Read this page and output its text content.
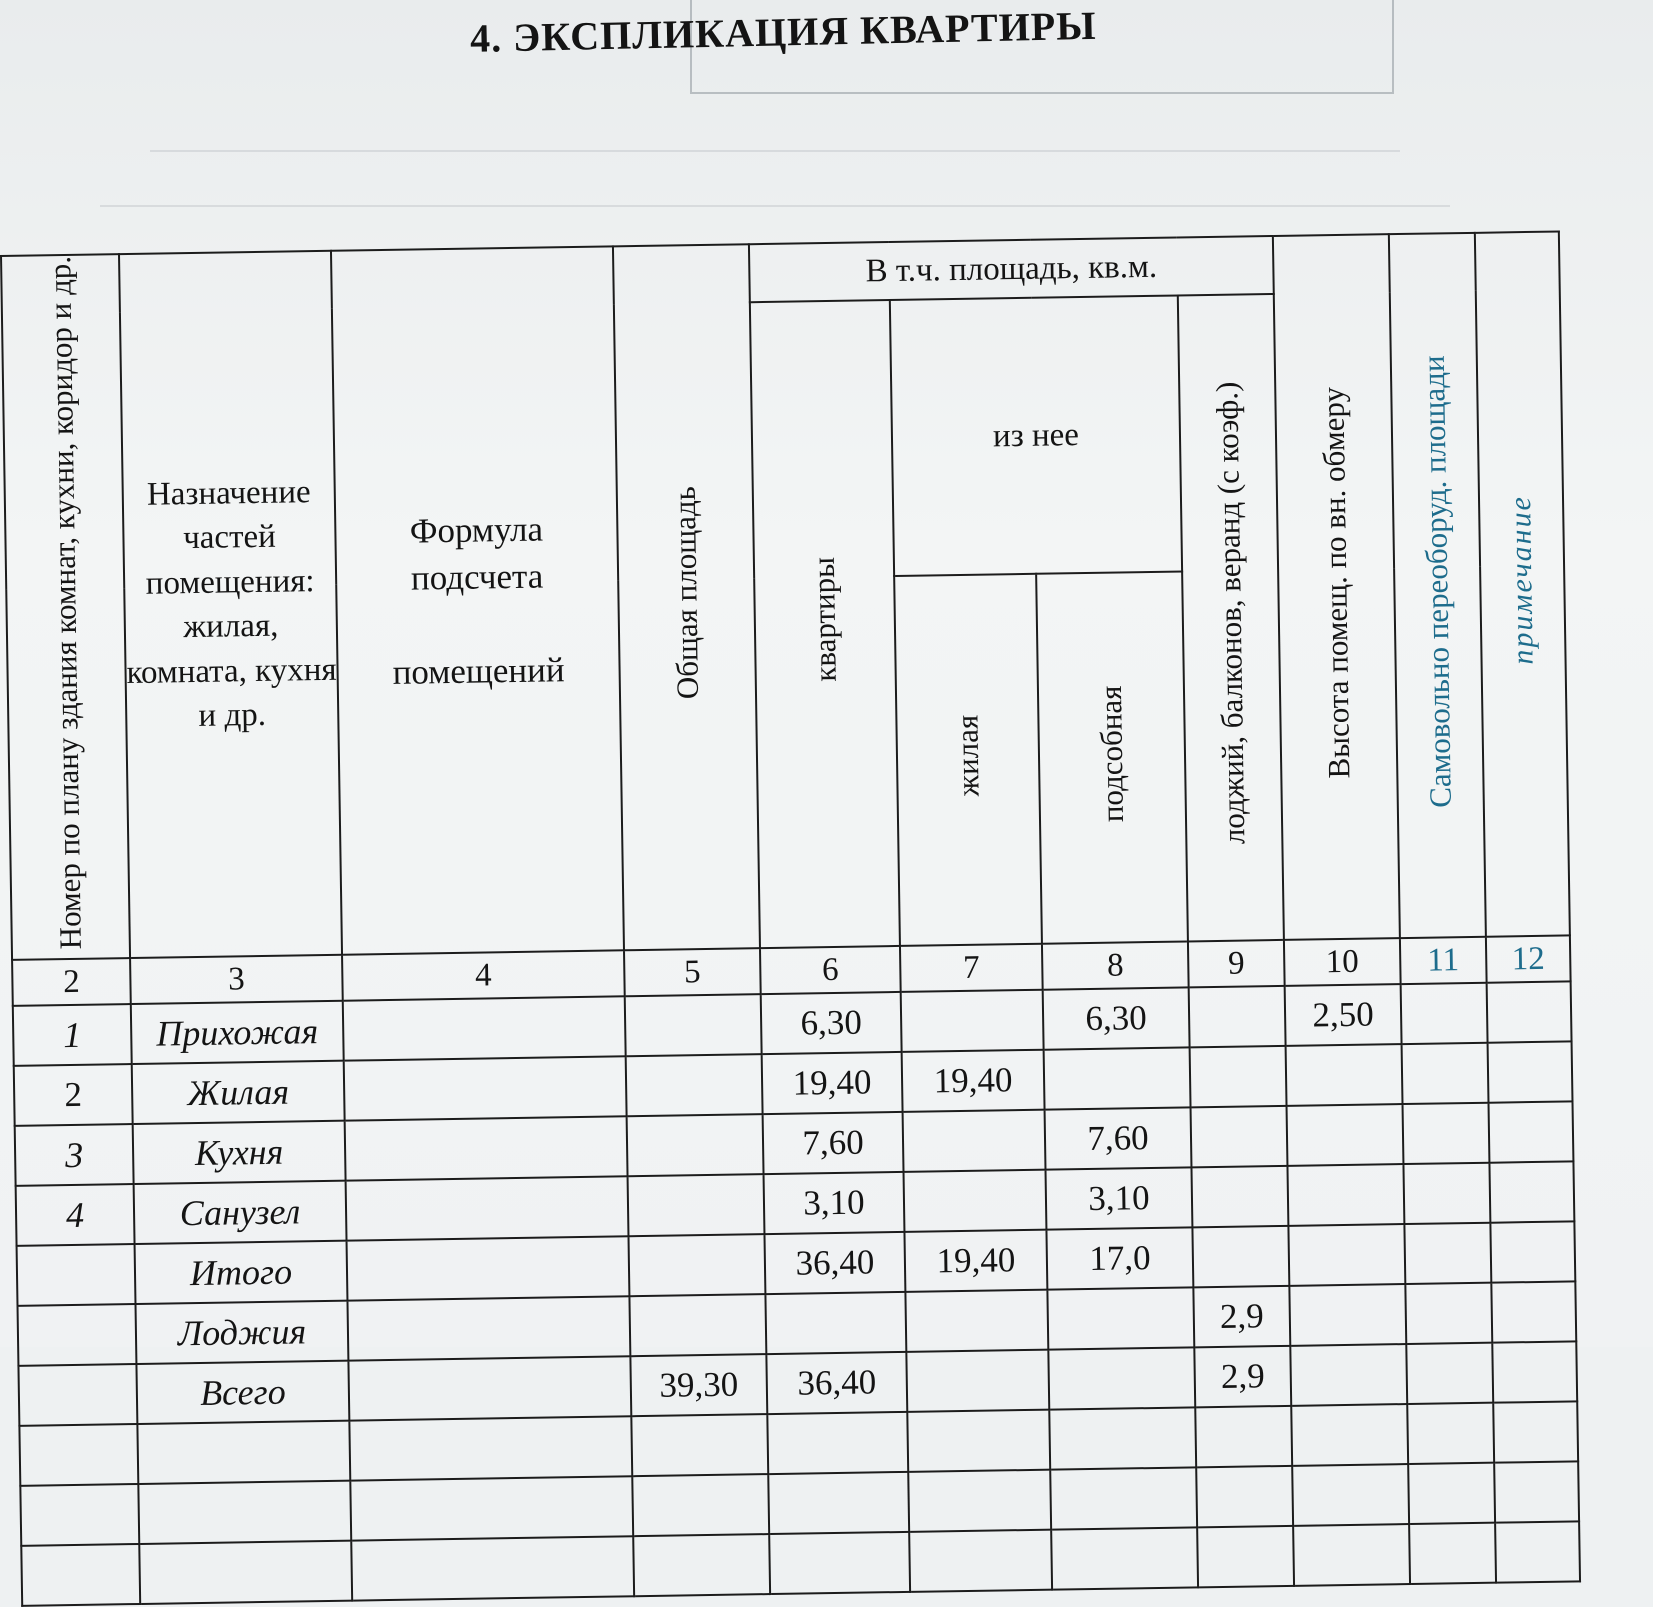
4. ЭКСПЛИКАЦИЯ КВАРТИРЫ
Номер по плану здания комнат, кухни, коридор и др.	Назначение частей помещения: жилая, комната, кухня и др.	Формула
подсчета

помещений	Общая площадь	В т.ч. площадь, кв.м.				Высота помещ. по вн. обмеру	Самовольно переоборуд. площади	примечание
				квартиры	из нее		лоджий, балконов, веранд (с коэф.)			
					жилая	подсобная				
2	3	4	5	6	7	8	9	10	11	12
1	Прихожая			6,30		6,30		2,50		
2	Жилая			19,40	19,40					
3	Кухня			7,60		7,60				
4	Санузел			3,10		3,10				
	Итого			36,40	19,40	17,0				
	Лоджия						2,9			
	Всего		39,30	36,40			2,9			
